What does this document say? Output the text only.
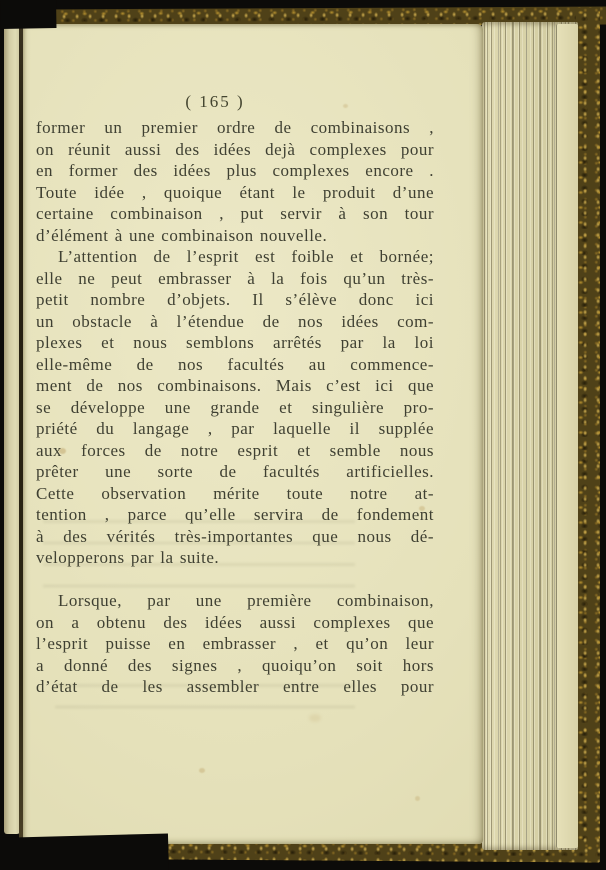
( 165 )
former un premier ordre de combinaisons ,
on réunit aussi des idées dejà complexes pour
en former des idées plus complexes encore .
Toute idée , quoique étant le produit d’une
certaine combinaison , put servir à son tour
d’élément à une combinaison nouvelle.
L’attention de l’esprit est foible et bornée;
elle ne peut embrasser à la fois qu’un très-
petit nombre d’objets. Il s’élève donc ici
un obstacle à l’étendue de nos idées com-
plexes et nous semblons arrêtés par la loi
elle-même de nos facultés au commence-
ment de nos combinaisons. Mais c’est ici que
se développe une grande et singulière pro-
priété du langage , par laquelle il supplée
aux forces de notre esprit et semble nous
prêter une sorte de facultés artificielles.
Cette observation mérite toute notre at-
tention , parce qu’elle servira de fondement
à des vérités très-importantes que nous dé-
velopperons par la suite.
Lorsque, par une première combinaison,
on a obtenu des idées aussi complexes que
l’esprit puisse en embrasser , et qu’on leur
a donné des signes , quoiqu’on soit hors
d’état de les assembler entre elles pour
